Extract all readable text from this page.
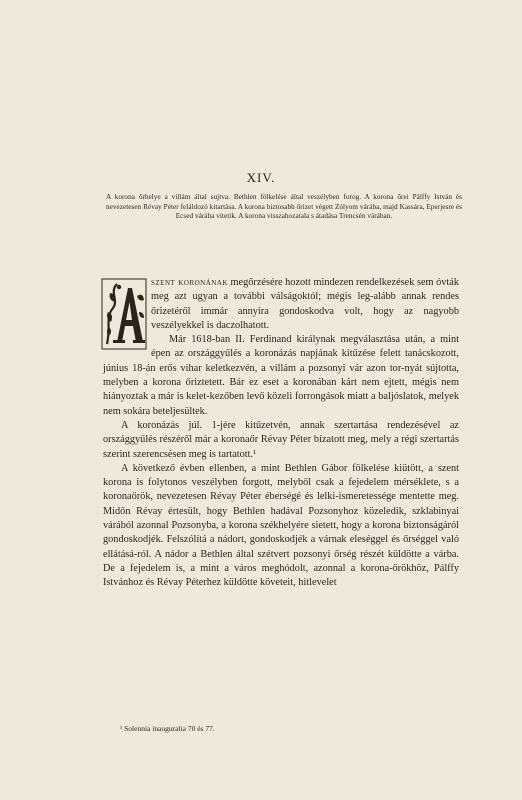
XIV.
A korona őrhelye a villám által sujtva. Bethlen fölkelése által veszélyben forog. A korona őrei Pálffy István és nevezetesen Révay Péter feláldozó kitartása. A korona biztosabb őrizet végett Zólyom várába, majd Kassára, Eperjesre és Ecsed várába vitetik. A korona visszahozatala s átadása Trencsén várában.

szent koronának megőrzésére hozott mindezen rendelkezések sem óvták meg azt ugyan a további válságoktól; mégis leg-alább annak rendes őrizetéről immár annyira gondoskodva volt, hogy az nagyobb veszélyekkel is daczolhatott.

Már 1618-ban II. Ferdinand királynak megválasztása után, a mint épen az országgyűlés a koronázás napjának kitűzése felett tanácskozott, június 18-án erős vihar keletkezvén, a villám a pozsonyi vár azon tor-nyát sújtotta, melyben a korona őriztetett. Bár ez eset a koronában kárt nem ejtett, mégis nem hiányoztak a már is kelet-kezőben levő közeli forrongások miatt a baljóslatok, melyek nem sokára beteljesültek.

A koronázás júl. 1-jére kitűzetvén, annak szertartása rendezésével az országgyűlés részéről már a koronaőr Révay Péter bízatott meg, mely a régi szertartás szerint szerencsésen meg is tartatott.¹

A következő évben ellenben, a mint Bethlen Gábor fölkelése kiütött, a szent korona is folytonos veszélyben forgott, melyből csak a fejedelem mérséklete, s a koronaőrök, nevezetesen Révay Péter éberségé és lelki-ismeretessége mentette meg. Midőn Révay értesült, hogy Bethlen hadával Pozsonyhoz közeledik, szklabinyai várából azonnal Pozsonyba, a korona székhelyére sietett, hogy a korona biztonságáról gondoskodjék. Felszólítá a nádort, gondoskodjék a várnak eleséggel és őrséggel való ellátásá-ról. A nádor a Bethlen által szétvert pozsonyi őrség részét küldötte a várba. De a fejedelem is, a mint a város meghódolt, azonnal a korona-őrökhöz, Pálffy Istvánhoz és Révay Péterhez küldötte követeit, hitlevelet

¹ Solennia inauguralia 70 és 77.
